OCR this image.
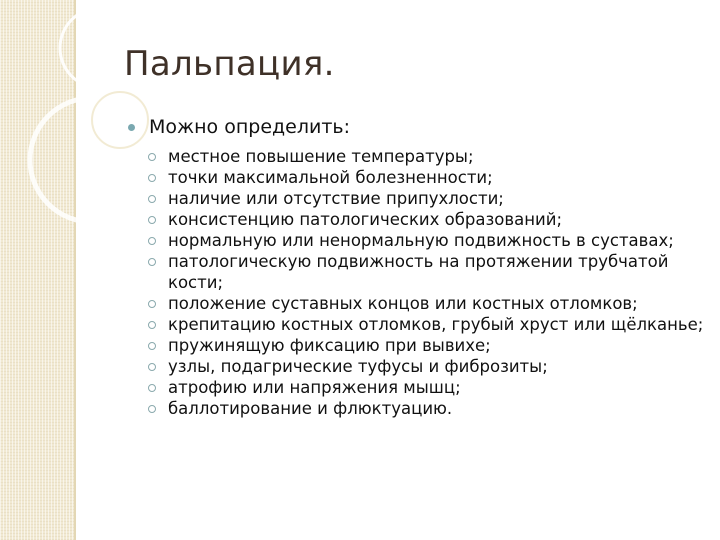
Пальпация.
Можно определить:
местное повышение температуры;
точки максимальной болезненности;
наличие или отсутствие припухлости;
консистенцию патологических образований;
нормальную или ненормальную подвижность в суставах;
патологическую подвижность на протяжении трубчатой кости;
положение суставных концов или костных отломков;
крепитацию костных отломков, грубый хруст или щёлканье;
пружинящую фиксацию при вывихе;
узлы, подагрические туфусы и фиброзиты;
атрофию или напряжения мышц;
баллотирование и флюктуацию.
